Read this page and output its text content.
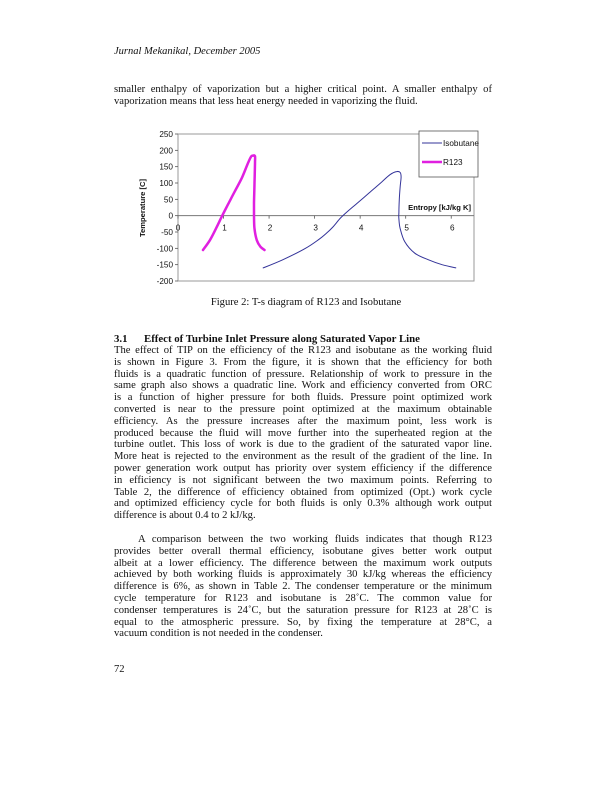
Jurnal Mekanikal, December 2005

smaller enthalpy of vaporization but a higher critical point. A smaller enthalpy of
vaporization means that less heat energy needed in vaporizing the fluid.

250
200
150
100
50
0
-50
-100
-150
-200
0	1	2	3	4	5	6
Entropy [kJ/kg K]
Temperature [C]
Isobutane
R123
Figure 2: T-s diagram of R123 and Isobutane
3.1 Effect of Turbine Inlet Pressure along Saturated Vapor Line

The effect of TIP on the efficiency of the R123 and isobutane as the working fluid
is shown in Figure 3. From the figure, it is shown that the efficiency for both
fluids is a quadratic function of pressure. Relationship of work to pressure in the
same graph also shows a quadratic line. Work and efficiency converted from ORC
is a function of higher pressure for both fluids. Pressure point optimized work
converted is near to the pressure point optimized at the maximum obtainable
efficiency. As the pressure increases after the maximum point, less work is
produced because the fluid will move further into the superheated region at the
turbine outlet. This loss of work is due to the gradient of the saturated vapor line.
More heat is rejected to the environment as the result of the gradient of the line. In
power generation work output has priority over system efficiency if the difference
in efficiency is not significant between the two maximum points. Referring to
Table 2, the difference of efficiency obtained from optimized (Opt.) work cycle
and optimized efficiency cycle for both fluids is only 0.3% although work output
difference is about 0.4 to 2 kJ/kg.

A comparison between the two working fluids indicates that though R123
provides better overall thermal efficiency, isobutane gives better work output
albeit at a lower efficiency. The difference between the maximum work outputs
achieved by both working fluids is approximately 30 kJ/kg whereas the efficiency
difference is 6%, as shown in Table 2. The condenser temperature or the minimum
cycle temperature for R123 and isobutane is 28˚C. The common value for
condenser temperatures is 24˚C, but the saturation pressure for R123 at 28˚C is
equal to the atmospheric pressure. So, by fixing the temperature at 28°C, a
vacuum condition is not needed in the condenser.

72
